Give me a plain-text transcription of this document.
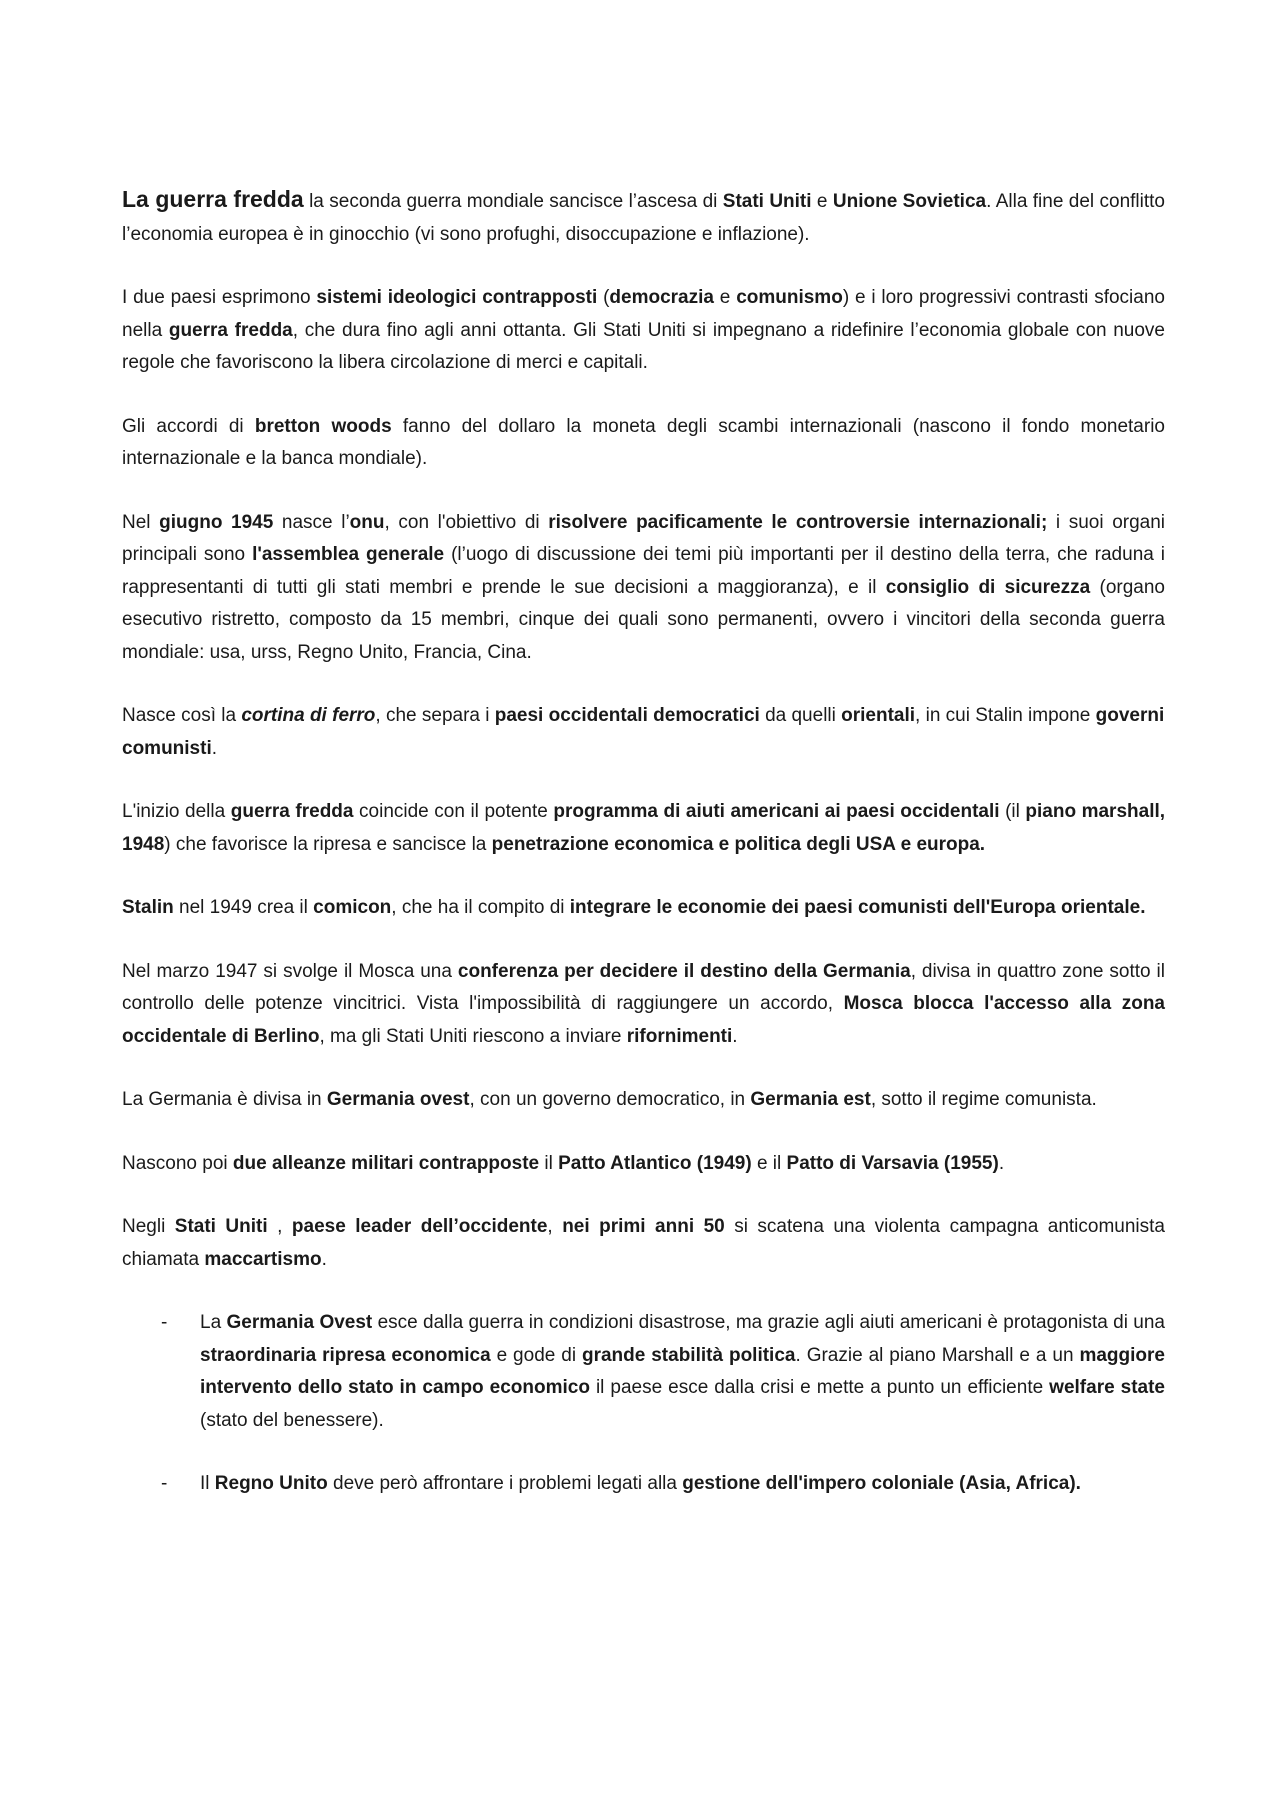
La guerra fredda la seconda guerra mondiale sancisce l’ascesa di Stati Uniti e Unione Sovietica. Alla fine del conflitto l’economia europea è in ginocchio (vi sono profughi, disoccupazione e inflazione).

I due paesi esprimono sistemi ideologici contrapposti (democrazia e comunismo) e i loro progressivi contrasti sfociano nella guerra fredda, che dura fino agli anni ottanta. Gli Stati Uniti si impegnano a ridefinire l’economia globale con nuove regole che favoriscono la libera circolazione di merci e capitali.

Gli accordi di bretton woods fanno del dollaro la moneta degli scambi internazionali (nascono il fondo monetario internazionale e la banca mondiale).

Nel giugno 1945 nasce l’onu, con l'obiettivo di risolvere pacificamente le controversie internazionali; i suoi organi principali sono l'assemblea generale (l’uogo di discussione dei temi più importanti per il destino della terra, che raduna i rappresentanti di tutti gli stati membri e prende le sue decisioni a maggioranza), e il consiglio di sicurezza (organo esecutivo ristretto, composto da 15 membri, cinque dei quali sono permanenti, ovvero i vincitori della seconda guerra mondiale: usa, urss, Regno Unito, Francia, Cina.

Nasce così la cortina di ferro, che separa i paesi occidentali democratici da quelli orientali, in cui Stalin impone governi comunisti.

L'inizio della guerra fredda coincide con il potente programma di aiuti americani ai paesi occidentali (il piano marshall, 1948) che favorisce la ripresa e sancisce la penetrazione economica e politica degli USA e europa.

Stalin nel 1949 crea il comicon, che ha il compito di integrare le economie dei paesi comunisti dell'Europa orientale.

Nel marzo 1947 si svolge il Mosca una conferenza per decidere il destino della Germania, divisa in quattro zone sotto il controllo delle potenze vincitrici. Vista l'impossibilità di raggiungere un accordo, Mosca blocca l'accesso alla zona occidentale di Berlino, ma gli Stati Uniti riescono a inviare rifornimenti.

La Germania è divisa in Germania ovest, con un governo democratico, in Germania est, sotto il regime comunista.

Nascono poi due alleanze militari contrapposte il Patto Atlantico (1949) e il Patto di Varsavia (1955).

Negli Stati Uniti , paese leader dell’occidente, nei primi anni 50 si scatena una violenta campagna anticomunista chiamata maccartismo.

- La Germania Ovest esce dalla guerra in condizioni disastrose, ma grazie agli aiuti americani è protagonista di una straordinaria ripresa economica e gode di grande stabilità politica. Grazie al piano Marshall e a un maggiore intervento dello stato in campo economico il paese esce dalla crisi e mette a punto un efficiente welfare state (stato del benessere).
- Il Regno Unito deve però affrontare i problemi legati alla gestione dell'impero coloniale (Asia, Africa).
